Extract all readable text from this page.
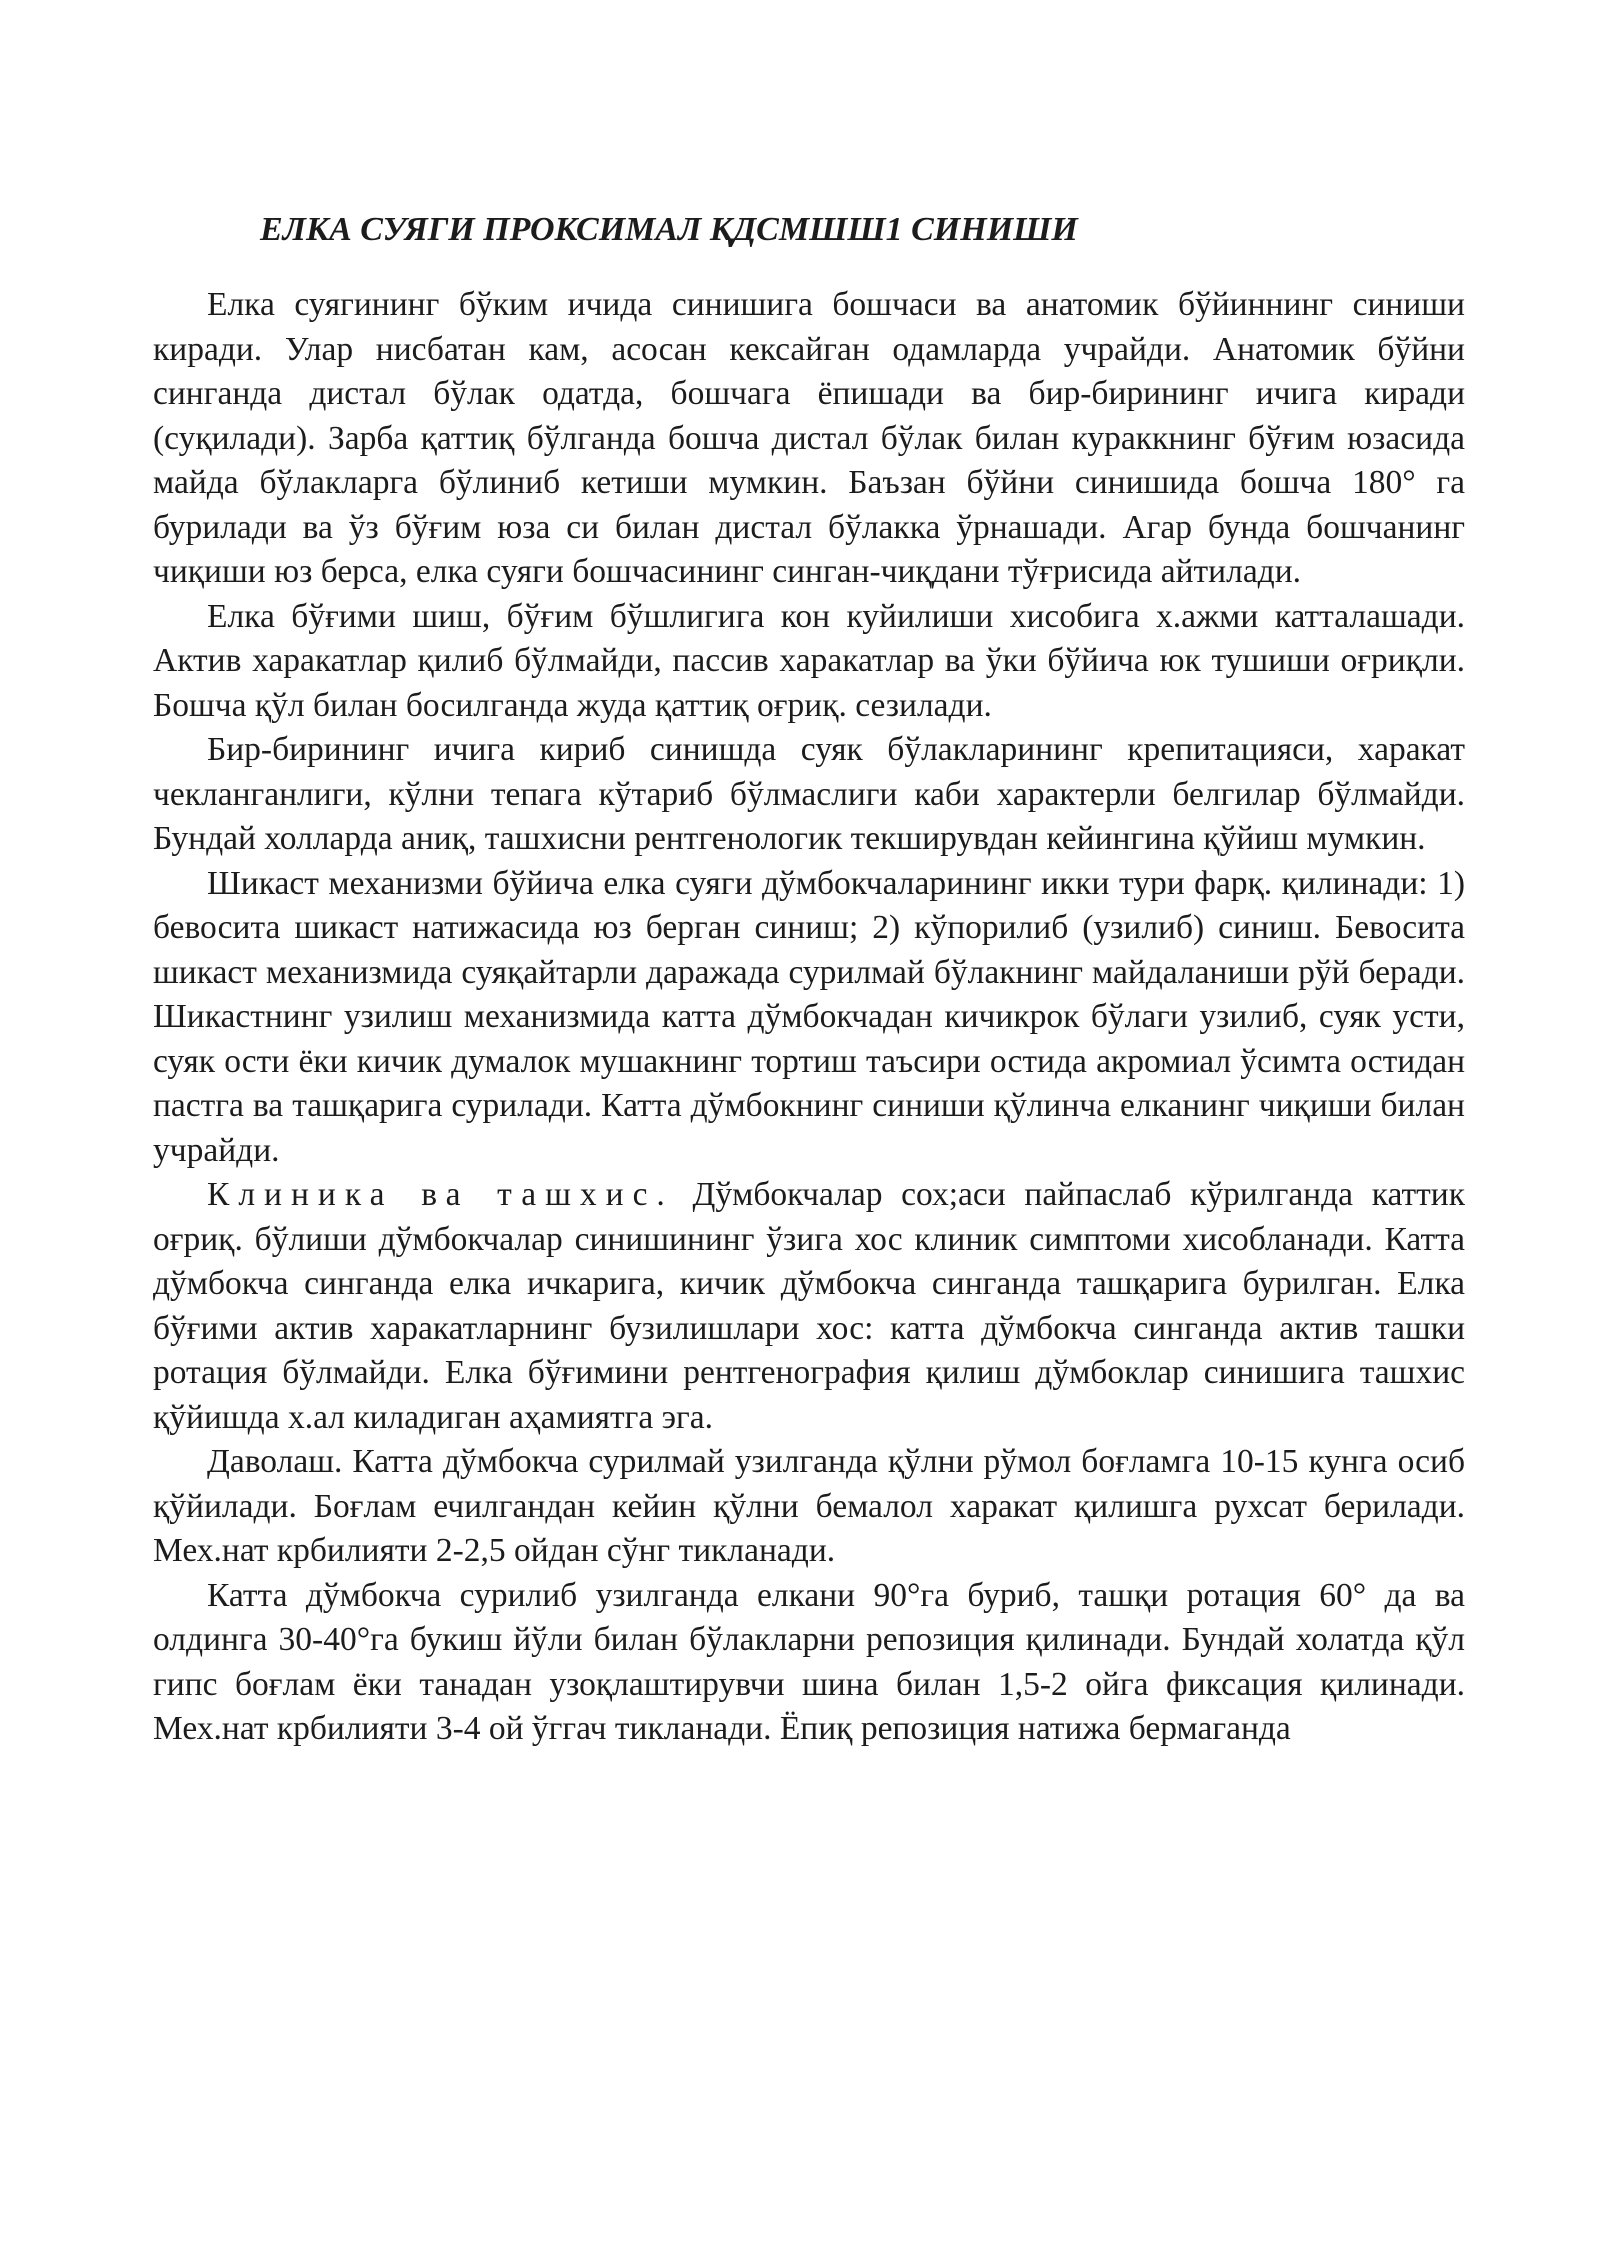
ЕЛКА СУЯГИ ПРОКСИМАЛ ҚДСМШШ1 СИНИШИ

Елка суягининг бўким ичида синишига бошчаси ва анатомик бўйиннинг синиши киради. Улар нисбатан кам, асосан кексайган одамларда учрайди. Анатомик бўйни синганда дистал бўлак одатда, бошчага ёпишади ва бир-бирининг ичига киради (суқилади). Зарба қаттиқ бўлганда бошча дистал бўлак билан кураккнинг бўғим юзасида майда бўлакларга бўлиниб кетиши мумкин. Баъзан бўйни синишида бошча 180° га бурилади ва ўз бўғим юза си билан дистал бўлакка ўрнашади. Агар бунда бошчанинг чиқиши юз берса, елка суяги бошчасининг синган-чиқдани тўғрисида айтилади.

Елка бўғими шиш, бўғим бўшлигига кон куйилиши хисобига х.ажми катталашади. Актив харакатлар қилиб бўлмайди, пассив харакатлар ва ўки бўйича юк тушиши оғриқли. Бошча қўл билан босилганда жуда қаттиқ оғриқ. сезилади.

Бир-бирининг ичига кириб синишда суяк бўлакларининг крепитацияси, харакат чекланганлиги, кўлни тепага кўтариб бўлмаслиги каби характерли белгилар бўлмайди. Бундай холларда аниқ, ташхисни рентгенологик текширувдан кейингина қўйиш мумкин.

Шикаст механизми бўйича елка суяги дўмбокчаларининг икки тури фарқ. қилинади: 1) бевосита шикаст натижасида юз берган синиш; 2) кўпорилиб (узилиб) синиш. Бевосита шикаст механизмида суяқайтарли даражада сурилмай бўлакнинг майдаланиши рўй беради. Шикастнинг узилиш механизмида катта дўмбокчадан кичикрок бўлаги узилиб, суяк усти, суяк ости ёки кичик думалок мушакнинг тортиш таъсири остида акромиал ўсимта остидан пастга ва ташқарига сурилади. Катта дўмбокнинг синиши қўлинча елканинг чиқиши билан учрайди.

Клиника ва ташхис. Дўмбокчалар сох;аси пайпаслаб кўрилганда каттик оғриқ. бўлиши дўмбокчалар синишининг ўзига хос клиник симптоми хисобланади. Катта дўмбокча синганда елка ичкарига, кичик дўмбокча синганда ташқарига бурилган. Елка бўғими актив харакатларнинг бузилишлари хос: катта дўмбокча синганда актив ташки ротация бўлмайди. Елка бўғимини рентгенография қилиш дўмбоклар синишига ташхис қўйишда х.ал киладиган аҳамиятга эга.

Даволаш. Катта дўмбокча сурилмай узилганда қўлни рўмол боғламга 10-15 кунга осиб қўйилади. Боғлам ечилгандан кейин қўлни бемалол харакат қилишга рухсат берилади. Мех.нат крбилияти 2-2,5 ойдан сўнг тикланади.

Катта дўмбокча сурилиб узилганда елкани 90°га буриб, ташқи ротация 60° да ва олдинга 30-40°га букиш йўли билан бўлакларни репозиция қилинади. Бундай холатда қўл гипс боғлам ёки танадан узоқлаштирувчи шина билан 1,5-2 ойга фиксация қилинади. Мех.нат крбилияти 3-4 ой ўггач тикланади. Ёпиқ репозиция натижа бермаганда
